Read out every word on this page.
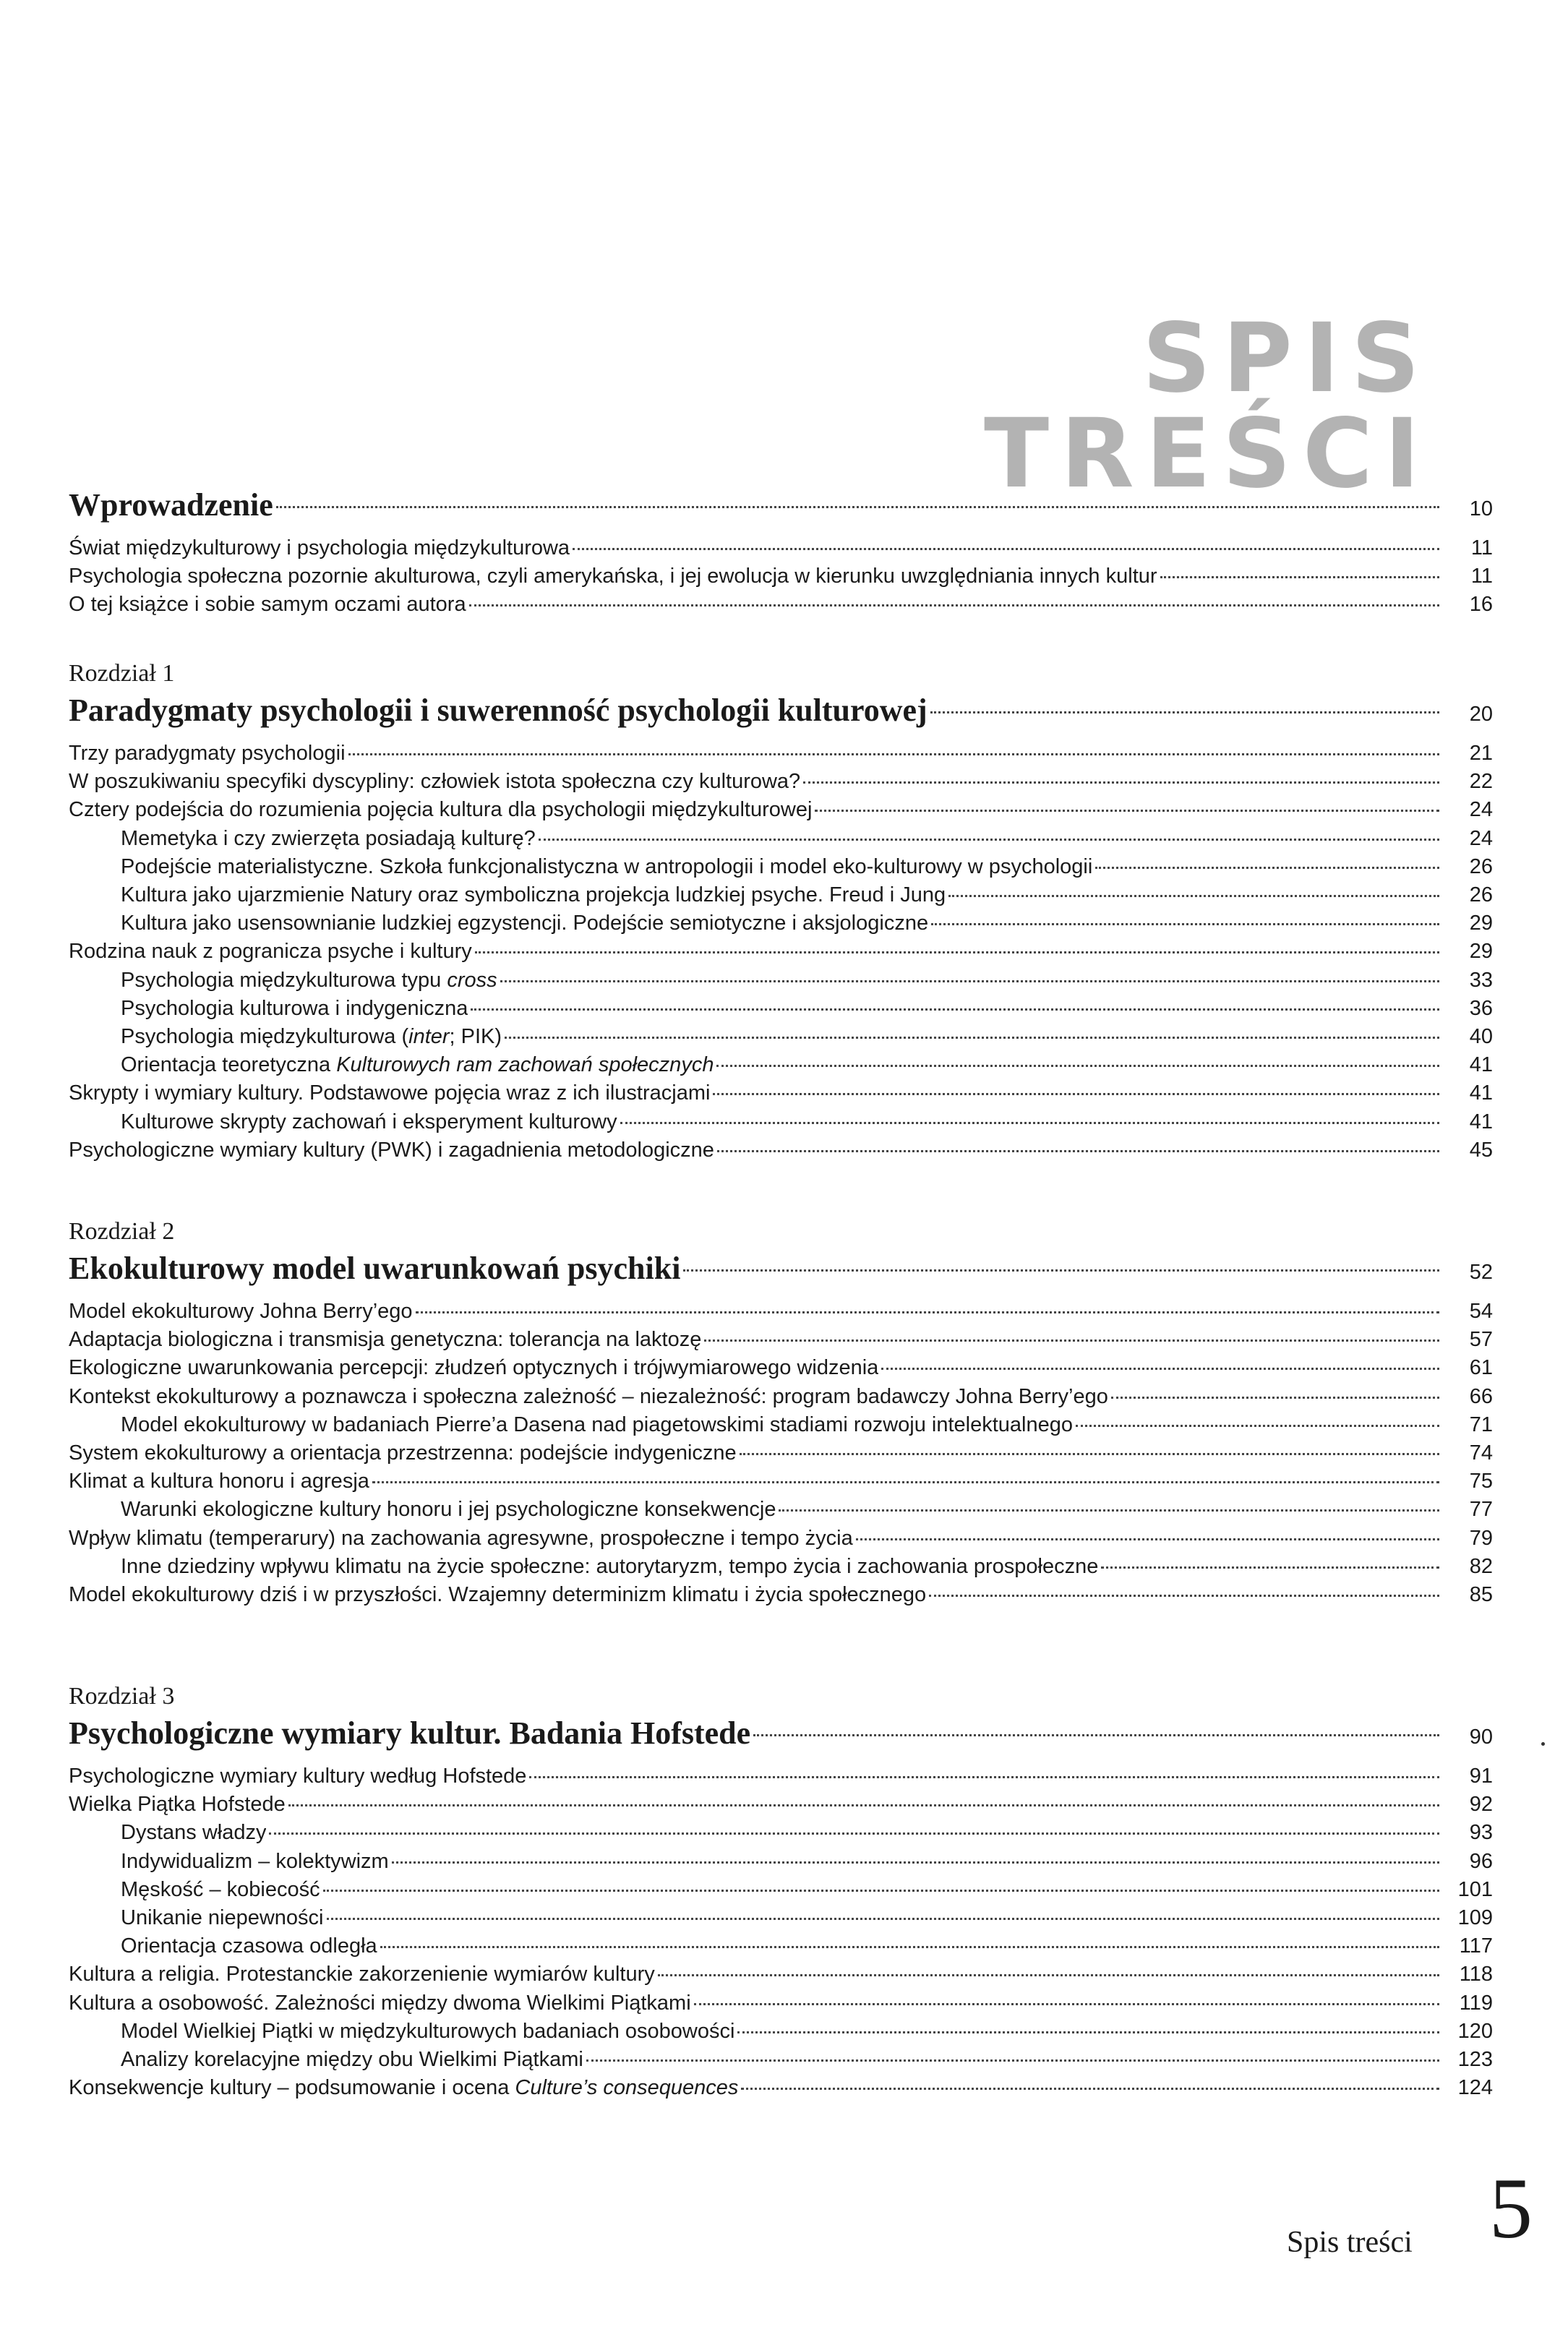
SPIS TREŚCI
Wprowadzenie	10
Świat międzykulturowy i psychologia międzykulturowa	11
Psychologia społeczna pozornie akulturowa, czyli amerykańska, i jej ewolucja w kierunku uwzględniania innych kultur	11
O tej książce i sobie samym oczami autora	16
Rozdział 1
Paradygmaty psychologii i suwerenność psychologii kulturowej	20
Trzy paradygmaty psychologii	21
W poszukiwaniu specyfiki dyscypliny: człowiek istota społeczna czy kulturowa?	22
Cztery podejścia do rozumienia pojęcia kultura dla psychologii międzykulturowej	24
Memetyka i czy zwierzęta posiadają kulturę?	24
Podejście materialistyczne. Szkoła funkcjonalistyczna w antropologii i model eko-kulturowy w psychologii	26
Kultura jako ujarzmienie Natury oraz symboliczna projekcja ludzkiej psyche. Freud i Jung	26
Kultura jako usensownianie ludzkiej egzystencji. Podejście semiotyczne i aksjologiczne	29
Rodzina nauk z pogranicza psyche i kultury	29
Psychologia międzykulturowa typu cross	33
Psychologia kulturowa i indygeniczna	36
Psychologia międzykulturowa (inter; PIK)	40
Orientacja teoretyczna Kulturowych ram zachowań społecznych	41
Skrypty i wymiary kultury. Podstawowe pojęcia wraz z ich ilustracjami	41
Kulturowe skrypty zachowań i eksperyment kulturowy	41
Psychologiczne wymiary kultury (PWK) i zagadnienia metodologiczne	45
Rozdział 2
Ekokulturowy model uwarunkowań psychiki	52
Model ekokulturowy Johna Berry’ego	54
Adaptacja biologiczna i transmisja genetyczna: tolerancja na laktozę	57
Ekologiczne uwarunkowania percepcji: złudzeń optycznych i trójwymiarowego widzenia	61
Kontekst ekokulturowy a poznawcza i społeczna zależność – niezależność: program badawczy Johna Berry’ego	66
Model ekokulturowy w badaniach Pierre’a Dasena nad piagetowskimi stadiami rozwoju intelektualnego	71
System ekokulturowy a orientacja przestrzenna: podejście indygeniczne	74
Klimat a kultura honoru i agresja	75
Warunki ekologiczne kultury honoru i jej psychologiczne konsekwencje	77
Wpływ klimatu (temperarury) na zachowania agresywne, prospołeczne i tempo życia	79
Inne dziedziny wpływu klimatu na życie społeczne: autorytaryzm, tempo życia i zachowania prospołeczne	82
Model ekokulturowy dziś i w przyszłości. Wzajemny determinizm klimatu i życia społecznego	85
Rozdział 3
Psychologiczne wymiary kultur. Badania Hofstede	90
Psychologiczne wymiary kultury według Hofstede	91
Wielka Piątka Hofstede	92
Dystans władzy	93
Indywidualizm – kolektywizm	96
Męskość – kobiecość	101
Unikanie niepewności	109
Orientacja czasowa odległa	117
Kultura a religia. Protestanckie zakorzenienie wymiarów kultury	118
Kultura a osobowość. Zależności między dwoma Wielkimi Piątkami	119
Model Wielkiej Piątki w międzykulturowych badaniach osobowości	120
Analizy korelacyjne między obu Wielkimi Piątkami	123
Konsekwencje kultury – podsumowanie i ocena Culture’s consequences	124
Spis treści 5
